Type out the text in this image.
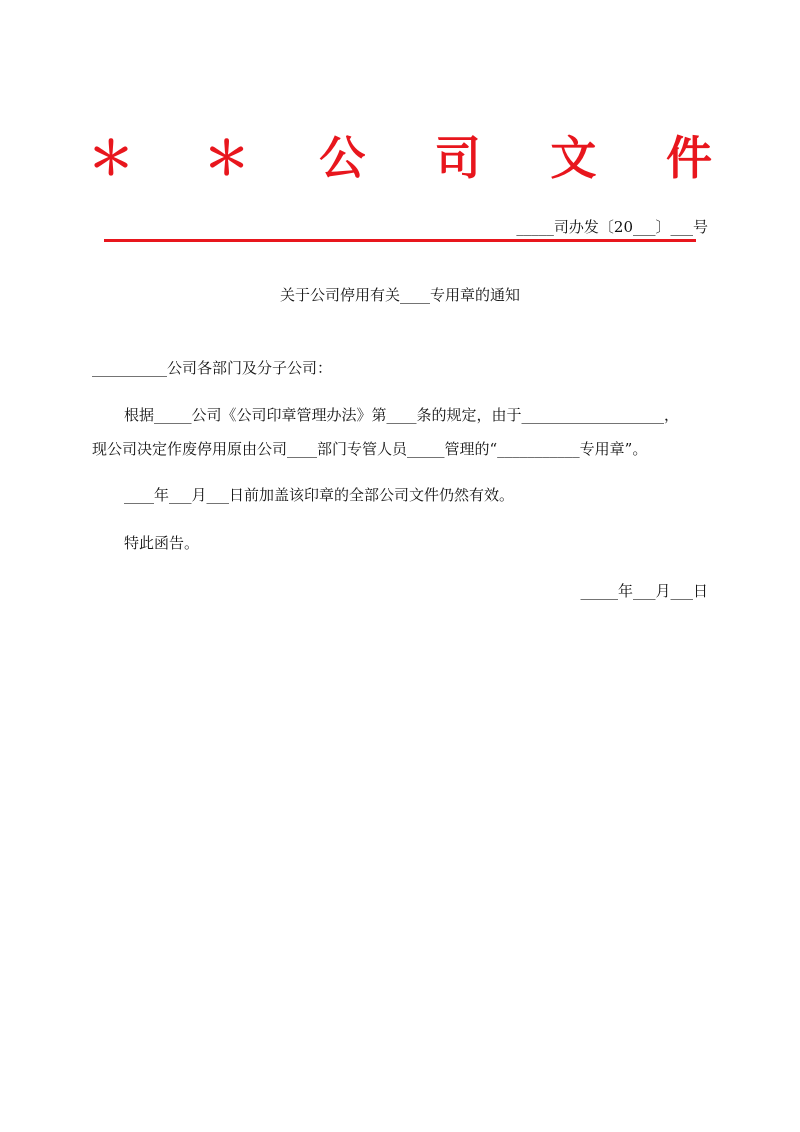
＊ ＊ 公 司 文 件
_____司办发〔20___〕___号
关于公司停用有关____专用章的通知
__________公司各部门及分子公司：
根据_____公司《公司印章管理办法》第____条的规定，由于___________________，
现公司决定作废停用原由公司____部门专管人员_____管理的“___________专用章”。
____年___月___日前加盖该印章的全部公司文件仍然有效。
特此函告。
_____年___月___日
